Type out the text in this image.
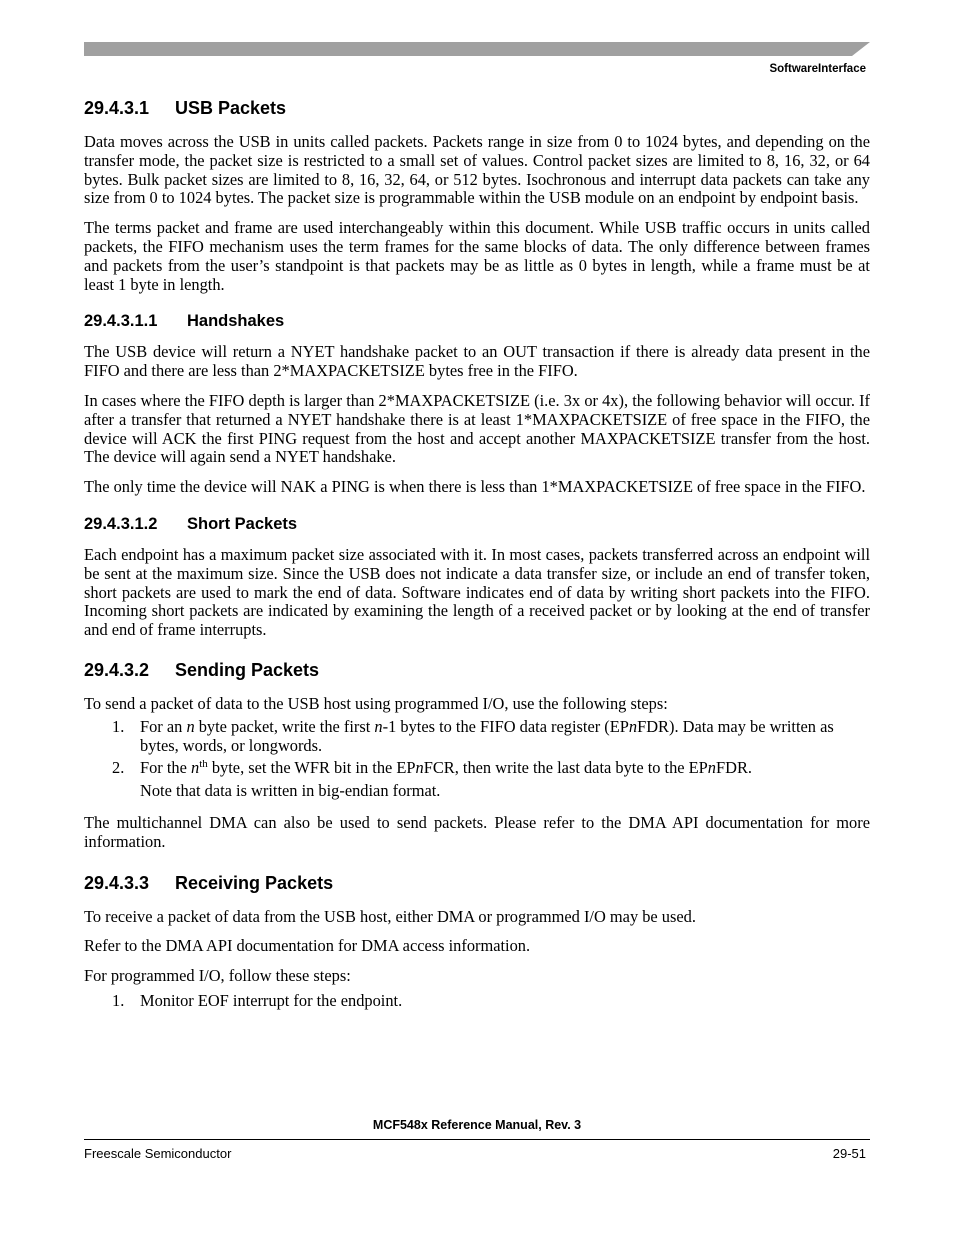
SoftwareInterface
29.4.3.1 USB Packets

Data moves across the USB in units called packets. Packets range in size from 0 to 1024 bytes, and depending on the transfer mode, the packet size is restricted to a small set of values. Control packet sizes are limited to 8, 16, 32, or 64 bytes. Bulk packet sizes are limited to 8, 16, 32, 64, or 512 bytes. Isochronous and interrupt data packets can take any size from 0 to 1024 bytes. The packet size is programmable within the USB module on an endpoint by endpoint basis.

The terms packet and frame are used interchangeably within this document. While USB traffic occurs in units called packets, the FIFO mechanism uses the term frames for the same blocks of data. The only difference between frames and packets from the user’s standpoint is that packets may be as little as 0 bytes in length, while a frame must be at least 1 byte in length.

29.4.3.1.1 Handshakes

The USB device will return a NYET handshake packet to an OUT transaction if there is already data present in the FIFO and there are less than 2*MAXPACKETSIZE bytes free in the FIFO.

In cases where the FIFO depth is larger than 2*MAXPACKETSIZE (i.e. 3x or 4x), the following behavior will occur. If after a transfer that returned a NYET handshake there is at least 1*MAXPACKETSIZE of free space in the FIFO, the device will ACK the first PING request from the host and accept another MAXPACKETSIZE transfer from the host. The device will again send a NYET handshake.

The only time the device will NAK a PING is when there is less than 1*MAXPACKETSIZE of free space in the FIFO.

29.4.3.1.2 Short Packets

Each endpoint has a maximum packet size associated with it. In most cases, packets transferred across an endpoint will be sent at the maximum size. Since the USB does not indicate a data transfer size, or include an end of transfer token, short packets are used to mark the end of data. Software indicates end of data by writing short packets into the FIFO. Incoming short packets are indicated by examining the length of a received packet or by looking at the end of transfer and end of frame interrupts.

29.4.3.2 Sending Packets

To send a packet of data to the USB host using programmed I/O, use the following steps:

1. For an n byte packet, write the first n-1 bytes to the FIFO data register (EPnFDR). Data may be written as bytes, words, or longwords.
2. For the $n^{th}$ byte, set the WFR bit in the EPnFCR, then write the last data byte to the EPnFDR.
Note that data is written in big-endian format.

The multichannel DMA can also be used to send packets. Please refer to the DMA API documentation for more information.

29.4.3.3 Receiving Packets

To receive a packet of data from the USB host, either DMA or programmed I/O may be used.

Refer to the DMA API documentation for DMA access information.

For programmed I/O, follow these steps:

1. Monitor EOF interrupt for the endpoint.
MCF548x Reference Manual, Rev. 3
Freescale Semiconductor	29-51
